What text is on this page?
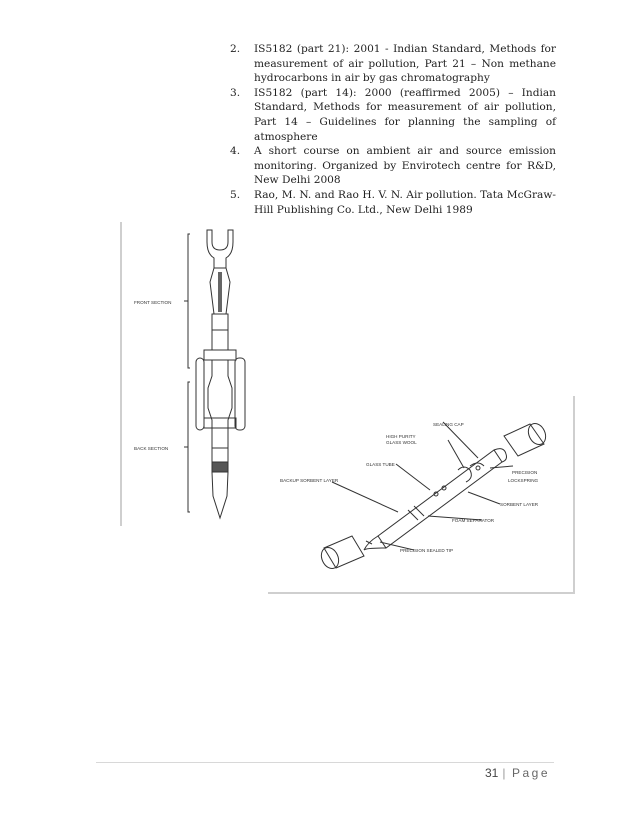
2. IS5182 (part 21): 2001 - Indian Standard, Methods for measurement of air pollution, Part 21 – Non methane hydrocarbons in air by gas chromatography
3. IS5182 (part 14): 2000 (reaffirmed 2005) – Indian Standard, Methods for measurement of air pollution, Part 14 – Guidelines for planning the sampling of atmosphere
4. A short course on ambient air and source emission monitoring. Organized by Envirotech centre for R&D, New Delhi 2008
5. Rao, M. N. and Rao H. V. N. Air pollution. Tata McGraw-Hill Publishing Co. Ltd., New Delhi 1989
FRONT SECTION
BACK SECTION
SEALING CAP
HIGH PURITY
GLASS WOOL
PRECISION
LOCKSPRING
GLASS TUBE
BACKUP SORBENT LAYER
SORBENT LAYER
FOAM SEPARATOR
PRECISION SEALED TIP
31 | Page
